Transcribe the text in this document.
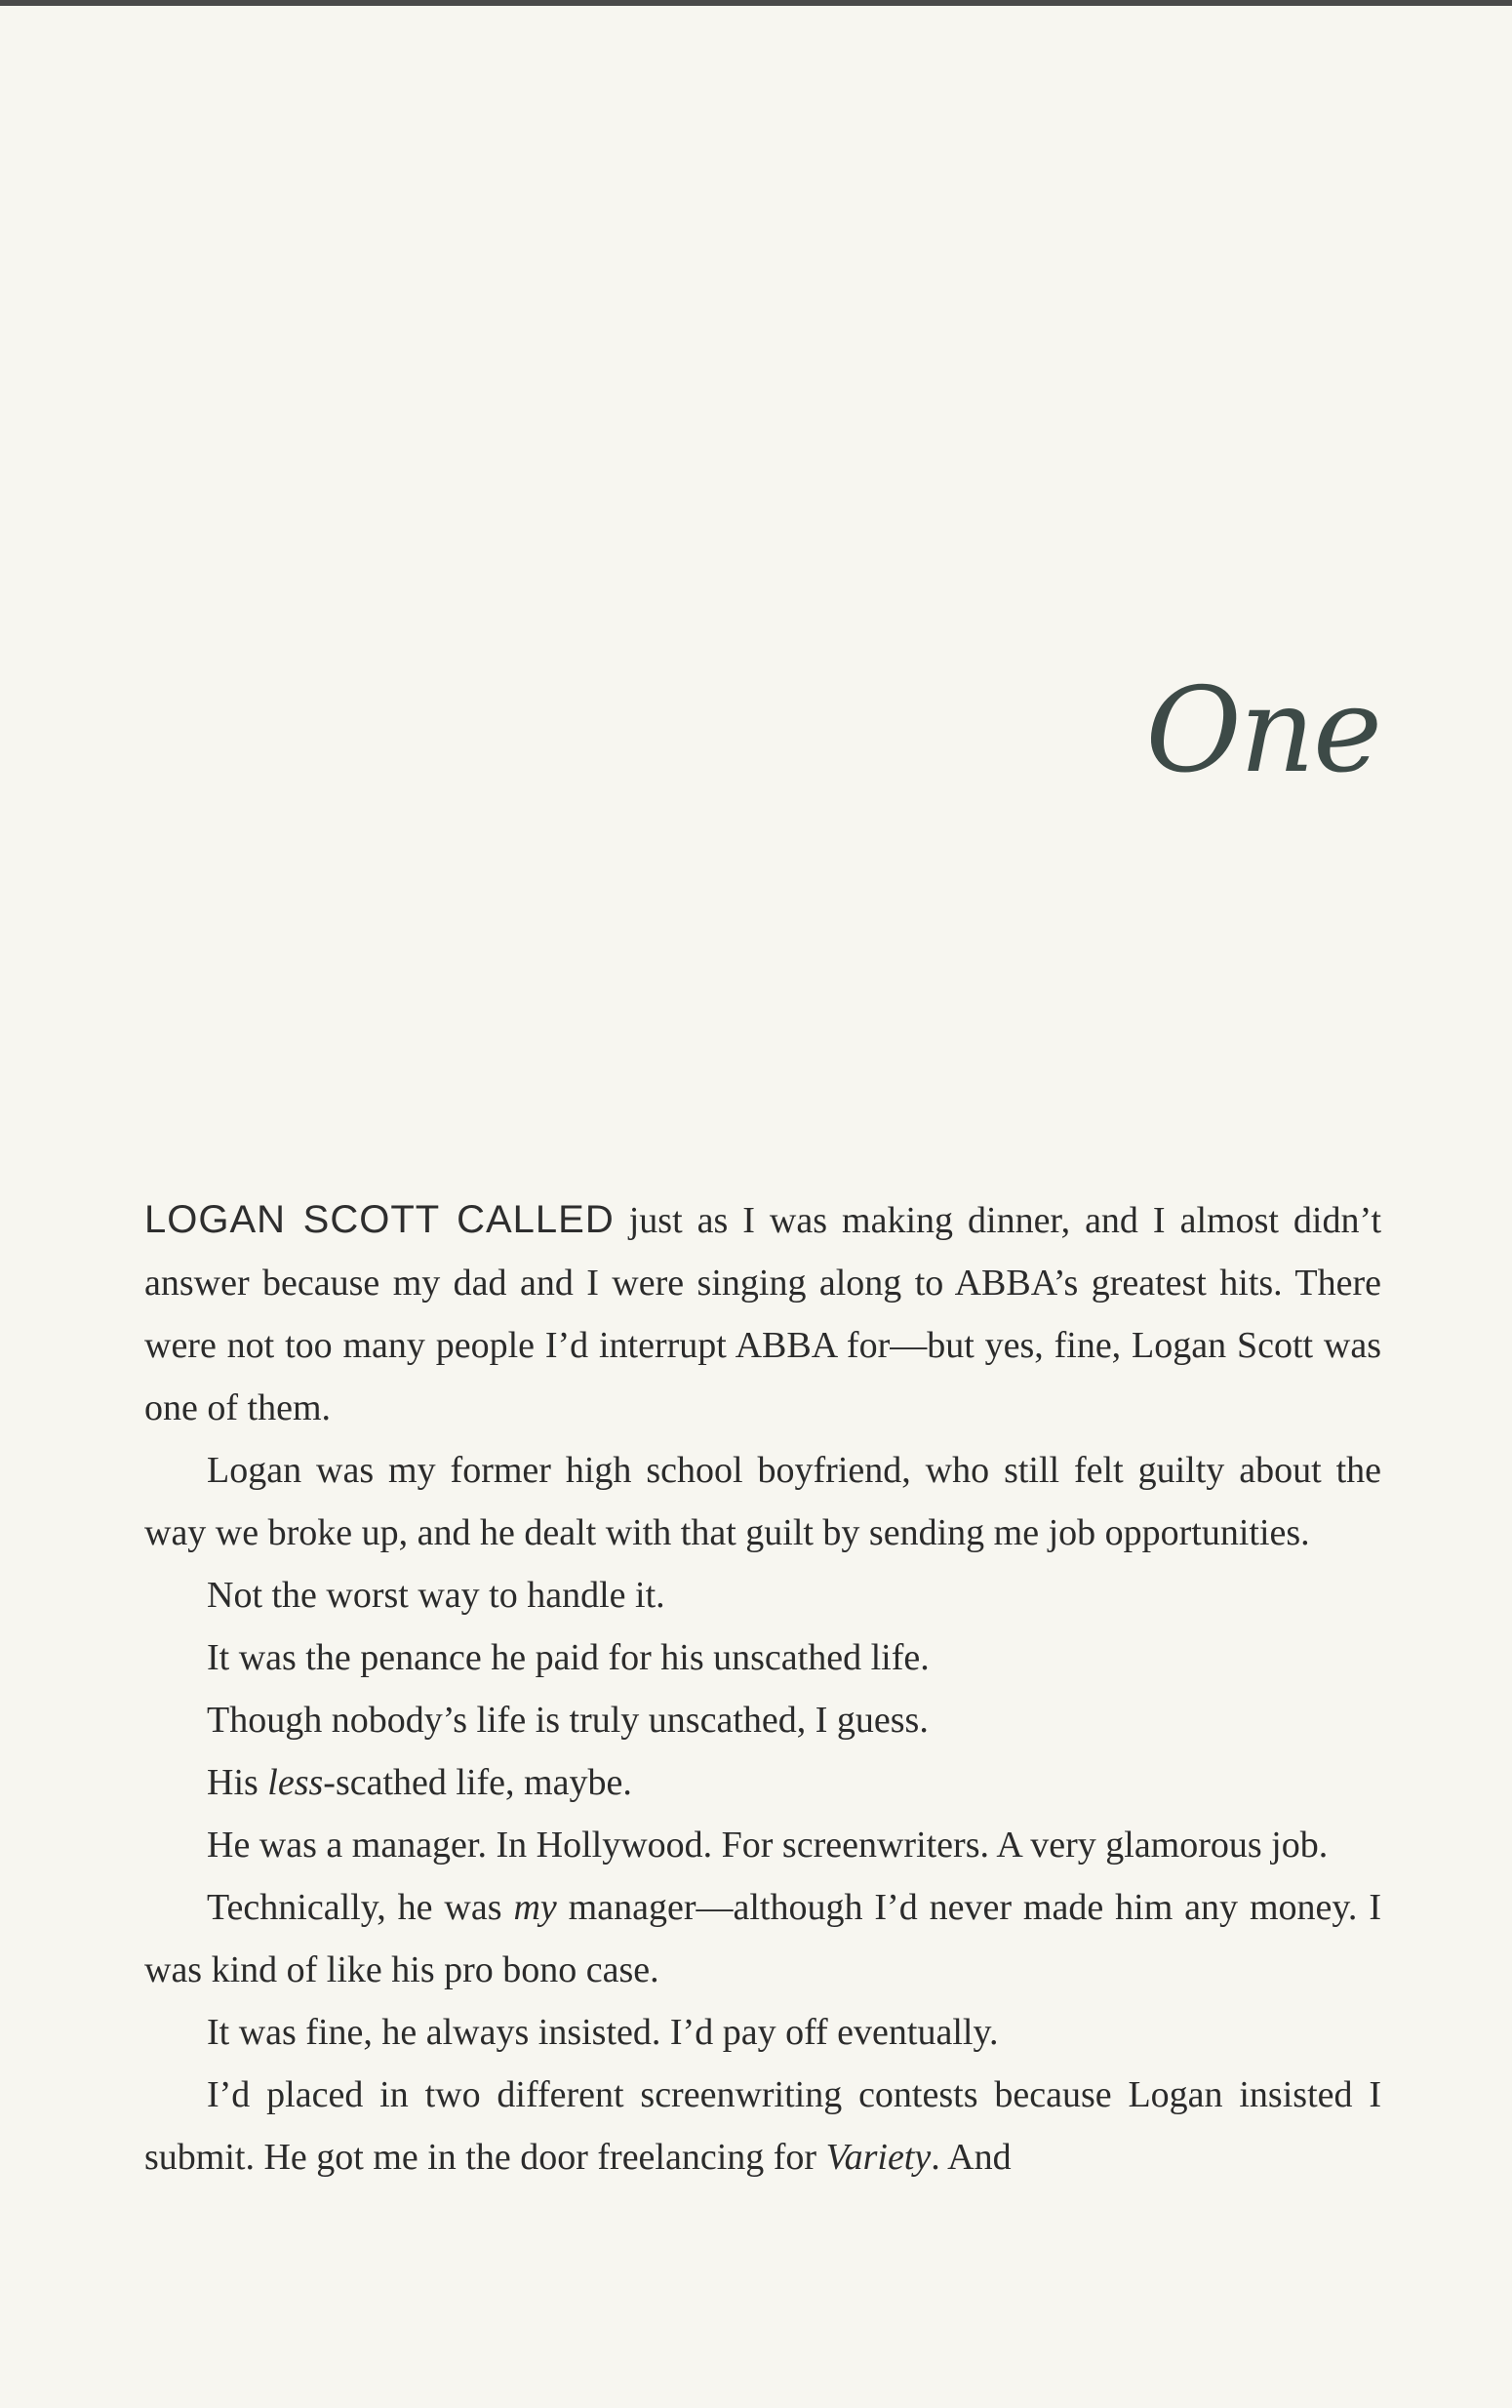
One

LOGAN SCOTT CALLED just as I was making dinner, and I almost didn’t answer because my dad and I were singing along to ABBA’s greatest hits. There were not too many people I’d interrupt ABBA for—but yes, fine, Logan Scott was one of them.

Logan was my former high school boyfriend, who still felt guilty about the way we broke up, and he dealt with that guilt by sending me job opportunities.

Not the worst way to handle it.

It was the penance he paid for his unscathed life.

Though nobody’s life is truly unscathed, I guess.

His less-scathed life, maybe.

He was a manager. In Hollywood. For screenwriters. A very glamorous job.

Technically, he was my manager—although I’d never made him any money. I was kind of like his pro bono case.

It was fine, he always insisted. I’d pay off eventually.

I’d placed in two different screenwriting contests because Logan insisted I submit. He got me in the door freelancing for Variety. And
